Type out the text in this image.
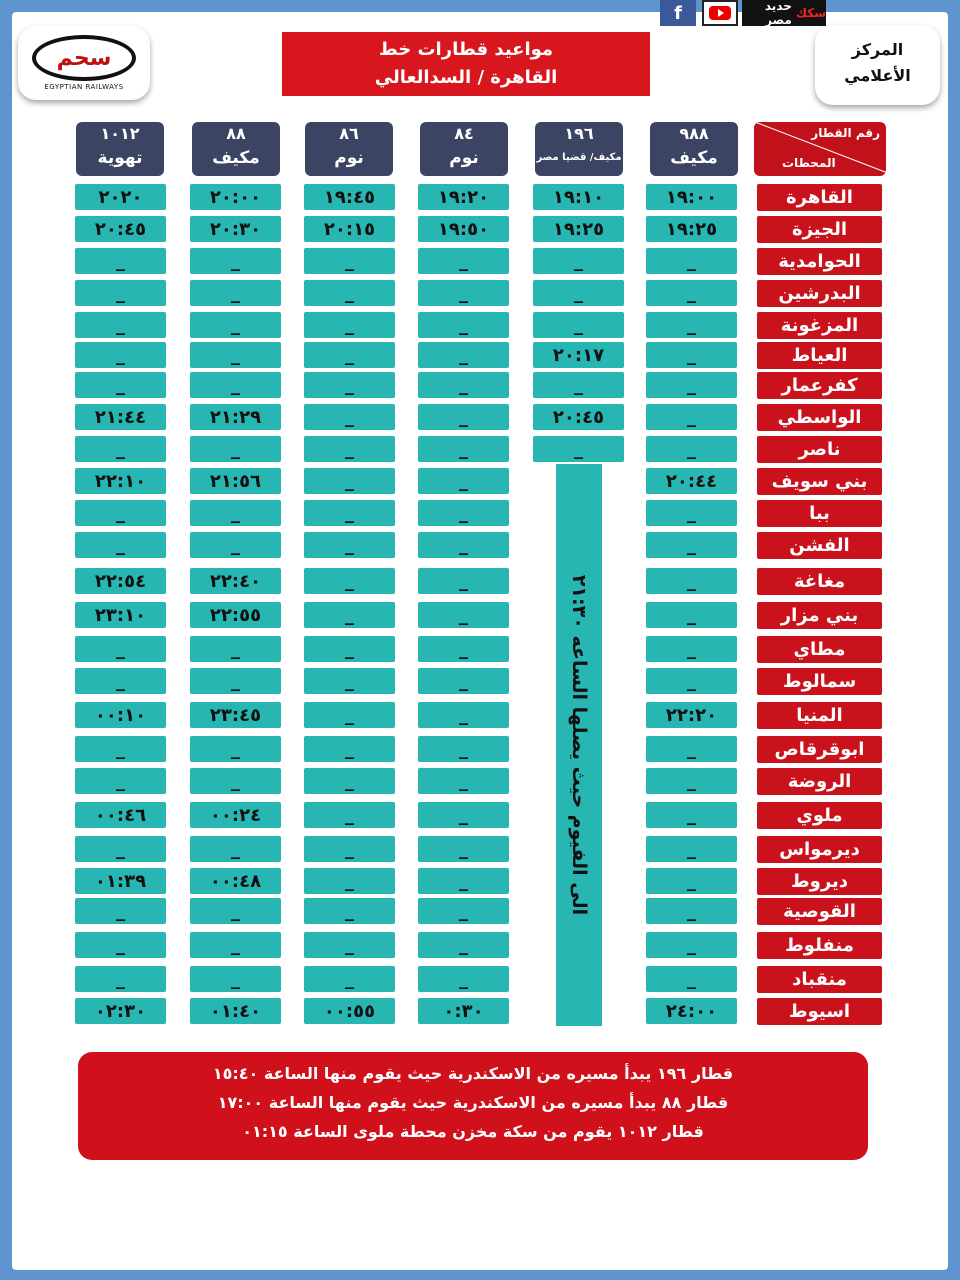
f	سكك

حديد مصر
سحم
EGYPTIAN RAILWAYS
مواعيد قطارات خط
القاهرة / السدالعالي
المركز
الأعلامي
٩٨٨
مكيف
١٩٦
مكيف/ قضيا مصر
٨٤
نوم
٨٦
نوم
٨٨
مكيف
١٠١٢
تهوية
رقم القطار
المحطات
القاهرة
١٩:٠٠
١٩:١٠
١٩:٢٠
١٩:٤٥
٢٠:٠٠
٢٠٢٠
الجيزة
١٩:٢٥
١٩:٢٥
١٩:٥٠
٢٠:١٥
٢٠:٣٠
٢٠:٤٥
الحوامدية
_
_
_
_
_
_
البدرشين
_
_
_
_
_
_
المزغونة
_
_
_
_
_
_
العياط
_
٢٠:١٧
_
_
_
_
كفرعمار
_
_
_
_
_
_
الواسطي
_
٢٠:٤٥
_
_
٢١:٢٩
٢١:٤٤
ناصر
_
_
_
_
_
_
بني سويف
٢٠:٤٤
_
_
٢١:٥٦
٢٢:١٠
ببا
_
_
_
_
_
الفشن
_
_
_
_
_
مغاغة
_
_
_
٢٢:٤٠
٢٢:٥٤
بني مزار
_
_
_
٢٢:٥٥
٢٣:١٠
مطاي
_
_
_
_
_
سمالوط
_
_
_
_
_
المنيا
٢٢:٢٠
_
_
٢٣:٤٥
٠٠:١٠
ابوقرقاص
_
_
_
_
_
الروضة
_
_
_
_
_
ملوي
_
_
_
٠٠:٢٤
٠٠:٤٦
ديرمواس
_
_
_
_
_
ديروط
_
_
_
٠٠:٤٨
٠١:٣٩
القوصية
_
_
_
_
_
منفلوط
_
_
_
_
_
منقباد
_
_
_
_
_
اسيوط
٢٤:٠٠
٠:٣٠
٠٠:٥٥
٠١:٤٠
٠٢:٣٠
الى الفيوم حيث يصلها الساعه ٢١:٣٠
قطار ١٩٦ يبدأ مسيره من الاسكندرية حيث يقوم منها الساعة ١٥:٤٠
قطار ٨٨ يبدأ مسيره من الاسكندرية حيث يقوم منها الساعة ١٧:٠٠
قطار ١٠١٢ يقوم من سكة مخزن محطة ملوى الساعة ٠١:١٥
